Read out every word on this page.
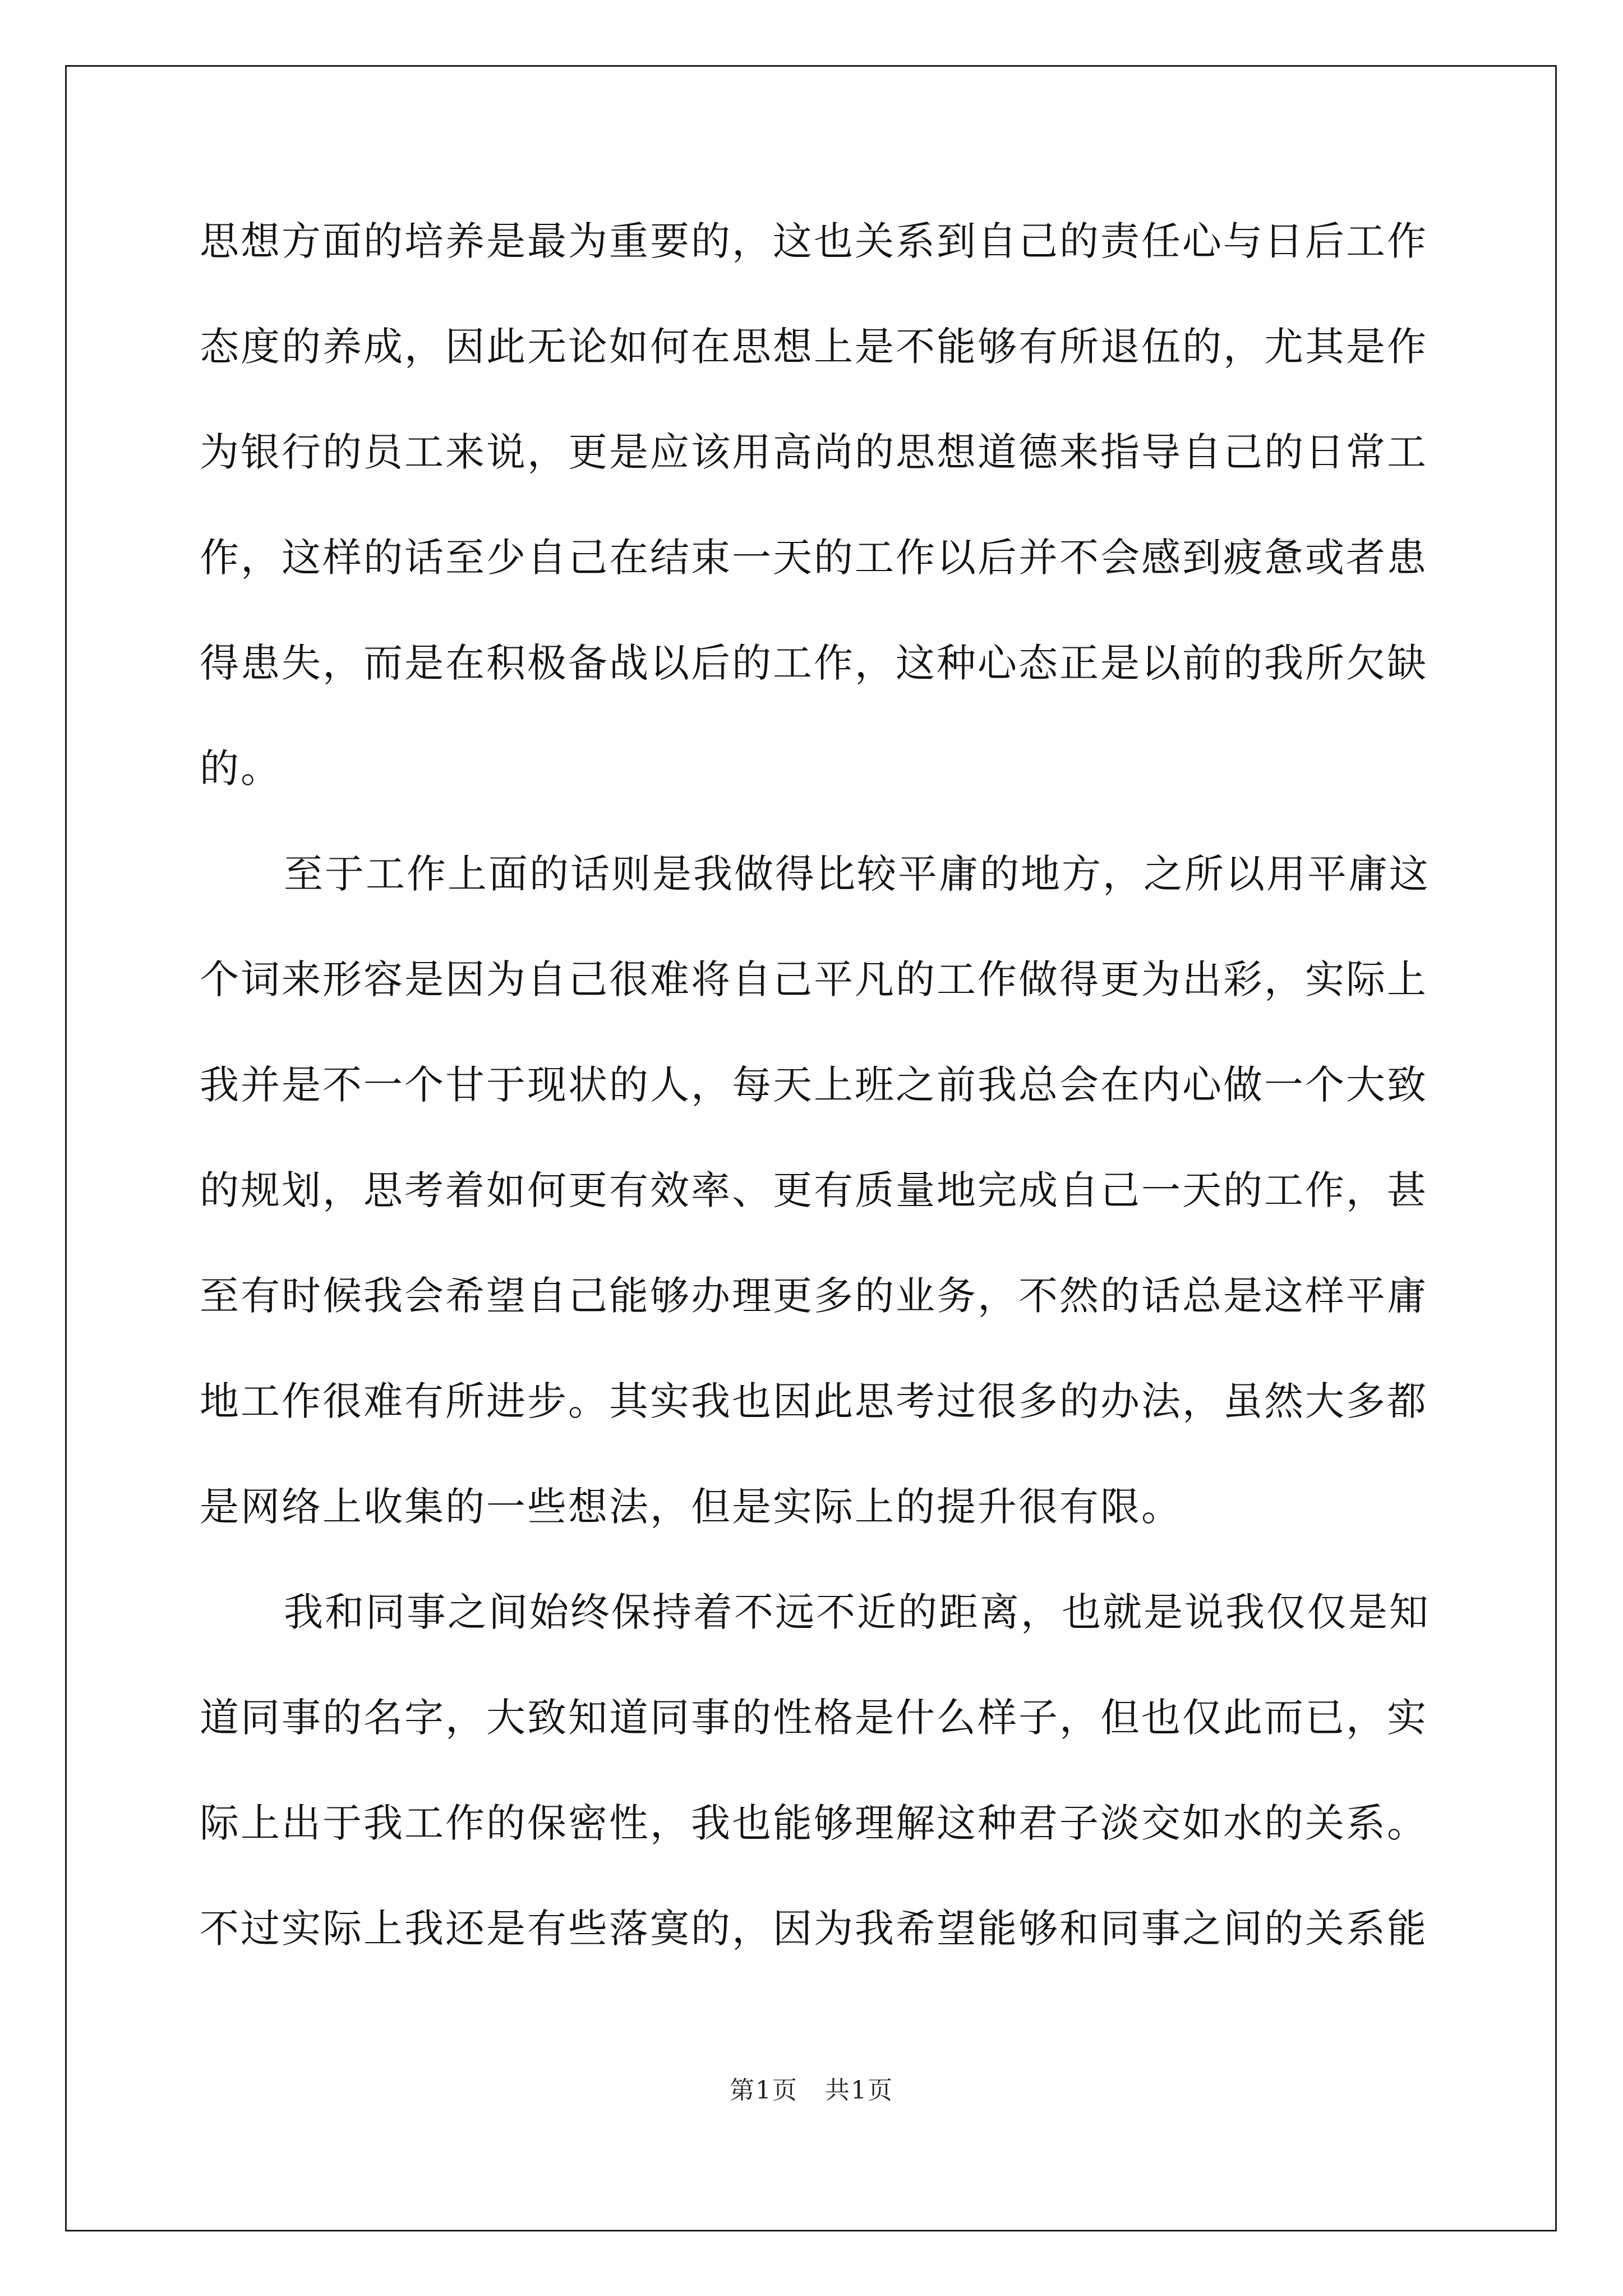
思想方面的培养是最为重要的，这也关系到自己的责任心与日后工作
态度的养成，因此无论如何在思想上是不能够有所退伍的，尤其是作
为银行的员工来说，更是应该用高尚的思想道德来指导自己的日常工
作，这样的话至少自己在结束一天的工作以后并不会感到疲惫或者患
得患失，而是在积极备战以后的工作，这种心态正是以前的我所欠缺
的。
至于工作上面的话则是我做得比较平庸的地方，之所以用平庸这
个词来形容是因为自己很难将自己平凡的工作做得更为出彩，实际上
我并是不一个甘于现状的人，每天上班之前我总会在内心做一个大致
的规划，思考着如何更有效率、更有质量地完成自己一天的工作，甚
至有时候我会希望自己能够办理更多的业务，不然的话总是这样平庸
地工作很难有所进步。其实我也因此思考过很多的办法，虽然大多都
是网络上收集的一些想法，但是实际上的提升很有限。
我和同事之间始终保持着不远不近的距离，也就是说我仅仅是知
道同事的名字，大致知道同事的性格是什么样子，但也仅此而已，实
际上出于我工作的保密性，我也能够理解这种君子淡交如水的关系。
不过实际上我还是有些落寞的，因为我希望能够和同事之间的关系能
第1页   共1页
